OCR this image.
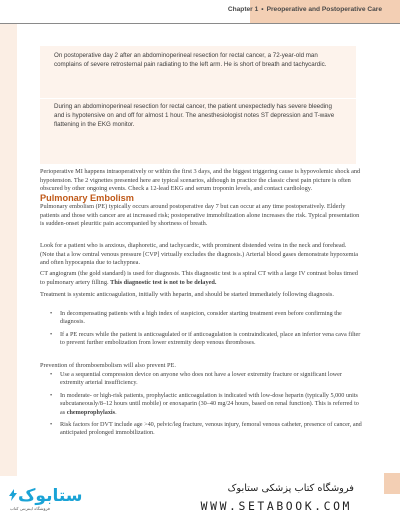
Chapter 1 • Preoperative and Postoperative Care

On postoperative day 2 after an abdominoperineal resection for rectal cancer, a 72-year-old man complains of severe retrosternal pain radiating to the left arm. He is short of breath and tachycardic.

During an abdominoperineal resection for rectal cancer, the patient unexpectedly has severe bleeding and is hypotensive on and off for almost 1 hour. The anesthesiologist notes ST depression and T-wave flattening in the EKG monitor.

Perioperative MI happens intraoperatively or within the first 3 days, and the biggest triggering cause is hypovolemic shock and hypotension. The 2 vignettes presented here are typical scenarios, although in practice the classic chest pain picture is often obscured by other ongoing events. Check a 12-lead EKG and serum troponin levels, and contact cardiology.

Pulmonary Embolism

Pulmonary embolism (PE) typically occurs around postoperative day 7 but can occur at any time postoperatively. Elderly patients and those with cancer are at increased risk; postoperative immobilization alone increases the risk. Typical presentation is sudden-onset pleuritic pain accompanied by shortness of breath.

Look for a patient who is anxious, diaphoretic, and tachycardic, with prominent distended veins in the neck and forehead. (Note that a low central venous pressure [CVP] virtually excludes the diagnosis.) Arterial blood gases demonstrate hypoxemia and often hypocapnia due to tachypnea.

CT angiogram (the gold standard) is used for diagnosis. This diagnostic test is a spiral CT with a large IV contrast bolus timed to pulmonary artery filling. This diagnostic test is not to be delayed.

Treatment is systemic anticoagulation, initially with heparin, and should be started immediately following diagnosis.

• In decompensating patients with a high index of suspicion, consider starting treatment even before confirming the diagnosis.
• If a PE recurs while the patient is anticoagulated or if anticoagulation is contraindicated, place an inferior vena cava filter to prevent further embolization from lower extremity deep venous thromboses.

Prevention of thromboembolism will also prevent PE.

• Use a sequential compression device on anyone who does not have a lower extremity fracture or significant lower extremity arterial insufficiency.
• In moderate- or high-risk patients, prophylactic anticoagulation is indicated with low-dose heparin (typically 5,000 units subcutaneously/8–12 hours until mobile) or enoxaparin (30–40 mg/24 hours, based on renal function). This is referred to as chemoprophylaxis.
• Risk factors for DVT include age >40, pelvic/leg fracture, venous injury, femoral venous catheter, presence of cancer, and anticipated prolonged immobilization.
ستابوک
فروشگاه اینترنتی کتاب
فروشگاه کتاب پزشکی ستابوک
WWW.SETABOOK.COM
